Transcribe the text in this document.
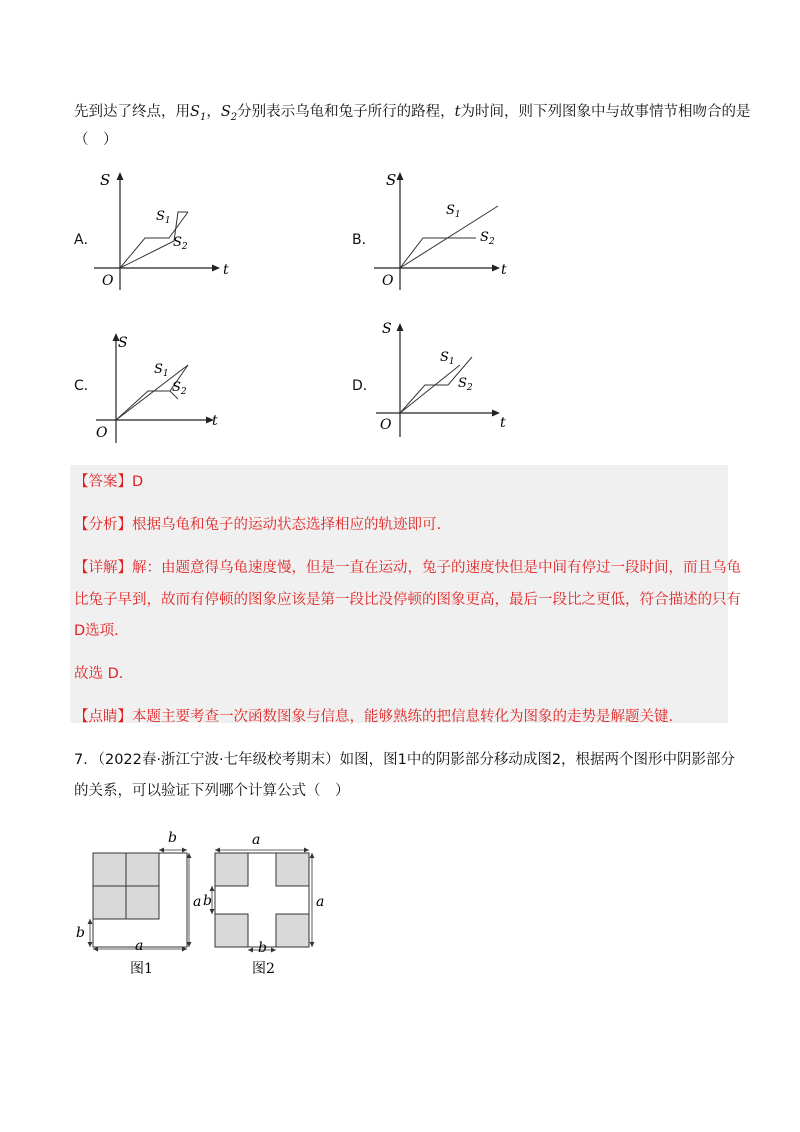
先到达了终点，用$S_1$，$S_2$分别表示乌龟和兔子所行的路程，t为时间，则下列图象中与故事情节相吻合的是
（　）
A．	B．
C．	D．
S
t
O
$S_1$
$S_2$
S
t
O
$S_1$
$S_2$
S
t
O
$S_1$
$S_2$
S
t
O
$S_1$
$S_2$
【答案】D
【分析】根据乌龟和兔子的运动状态选择相应的轨迹即可.
【详解】解：由题意得乌龟速度慢，但是一直在运动，兔子的速度快但是中间有停过一段时间，而且乌龟
比兔子早到，故而有停顿的图象应该是第一段比没停顿的图象更高，最后一段比之更低，符合描述的只有
D选项.
故选 D.
【点睛】本题主要考查一次函数图象与信息，能够熟练的把信息转化为图象的走势是解题关键.
7．（2022春·浙江宁波·七年级校考期末）如图，图1中的阴影部分移动成图2，根据两个图形中阴影部分
的关系，可以验证下列哪个计算公式（　）
b
a
b
a
图1
a
a
b
b
图2
